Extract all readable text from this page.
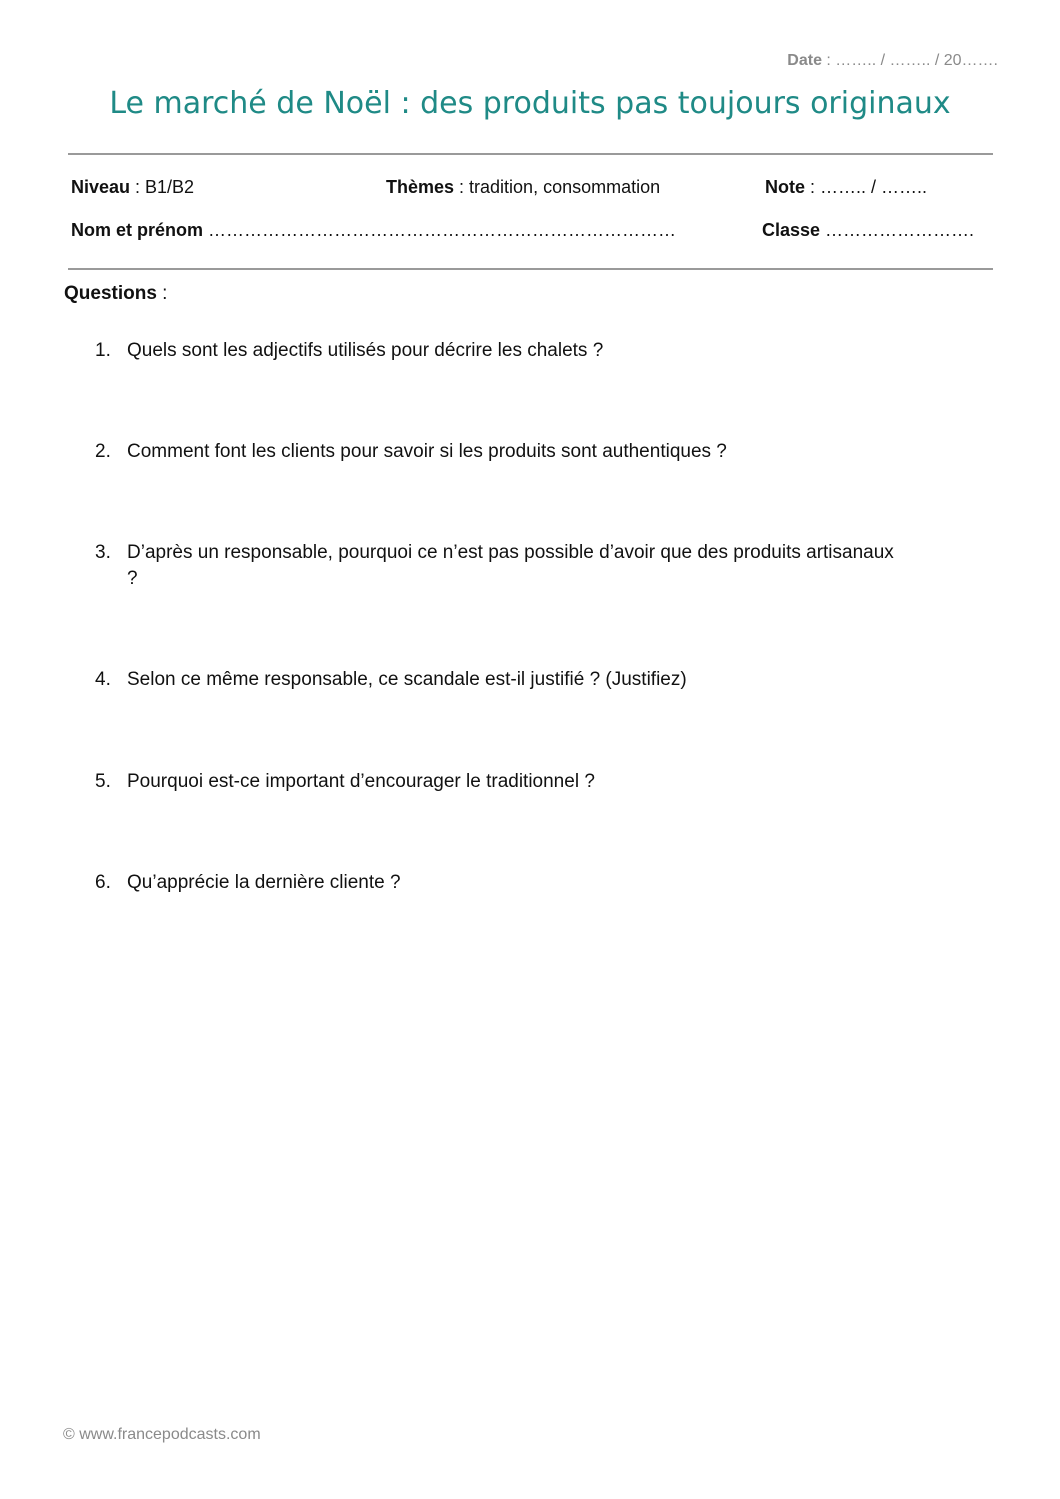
Date : …….. / …….. / 20…….
Le marché de Noël : des produits pas toujours originaux
Niveau : B1/B2	Thèmes : tradition, consommation	Note : …….. / ……..
Nom et prénom ……………………………………………………………………	Classe …………………….
Questions :
1. Quels sont les adjectifs utilisés pour décrire les chalets ?
2. Comment font les clients pour savoir si les produits sont authentiques ?
3. D’après un responsable, pourquoi ce n’est pas possible d’avoir que des produits artisanaux ?
4. Selon ce même responsable, ce scandale est-il justifié ? (Justifiez)
5. Pourquoi est-ce important d’encourager le traditionnel ?
6. Qu’apprécie la dernière cliente ?
© www.francepodcasts.com
